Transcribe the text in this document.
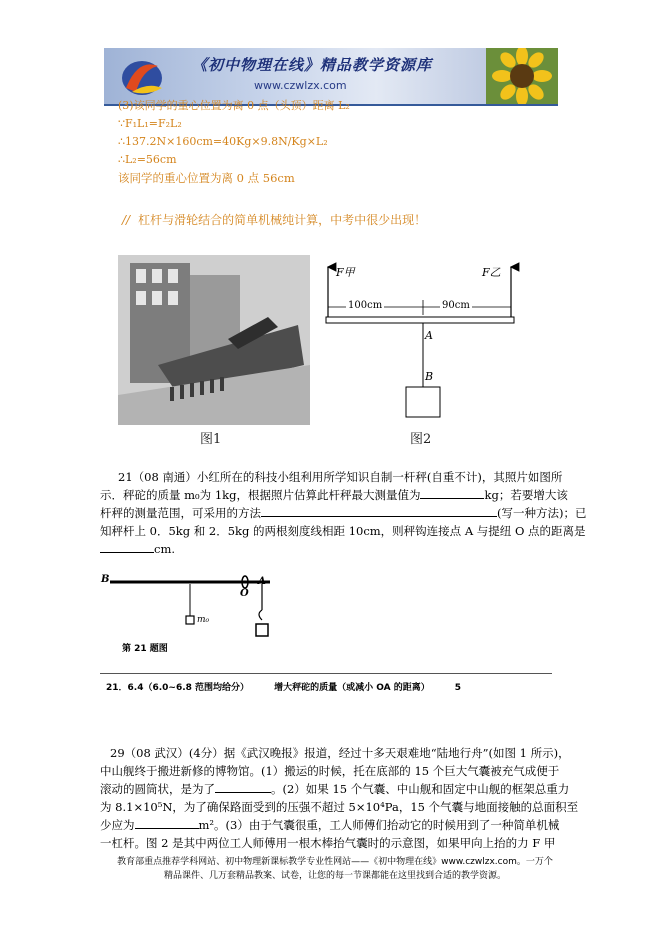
《初中物理在线》精品教学资源库
www.czwlzx.com
(3)该同学的重心位置为离 0 点（头顶）距离 L₂
∵F₁L₁=F₂L₂
∴137.2N×160cm=40Kg×9.8N/Kg×L₂
∴L₂=56cm
该同学的重心位置为离 0 点 56cm
// 杠杆与滑轮结合的简单机械纯计算，中考中很少出现！
图1
F甲	F乙
100cm	90cm
A
B
图2
21（08 南通）小红所在的科技小组利用所学知识自制一杆秤(自重不计)，其照片如图所
示．秤砣的质量 m₀为 1kg，根据照片估算此杆秤最大测量值为	kg；若要增大该
杆秤的测量范围，可采用的方法	(写一种方法)；已
知秤杆上 0．5kg 和 2．5kg 的两根刻度线相距 10cm，则秤钩连接点 A 与提纽 O 点的距离是
cm.
B
O
A
m₀
第 21 题图
21．6.4（6.0~6.8 范围均给分）        增大秤砣的质量（或减小 OA 的距离）        5
29（08 武汉）(4分）据《武汉晚报》报道，经过十多天艰难地“陆地行舟”(如图 1 所示)，
中山舰终于搬进新修的博物馆。(1）搬运的时候，托在底部的 15 个巨大气囊被充气成便于
滚动的圆筒状，是为了	。(2）如果 15 个气囊、中山舰和固定中山舰的框架总重力
为 8.1×10⁵N，为了确保路面受到的压强不超过 5×10⁴Pa，15 个气囊与地面接触的总面积至
少应为	m²。(3）由于气囊很重，工人师傅们抬动它的时候用到了一种简单机械
一杠杆。图 2 是其中两位工人师傅用一根木棒抬气囊时的示意图，如果甲向上抬的力 F 甲
教育部重点推荐学科网站、初中物理新课标教学专业性网站——《初中物理在线》www.czwlzx.com。一万个
精品课件、几万套精品教案、试卷，让您的每一节课都能在这里找到合适的教学资源。
